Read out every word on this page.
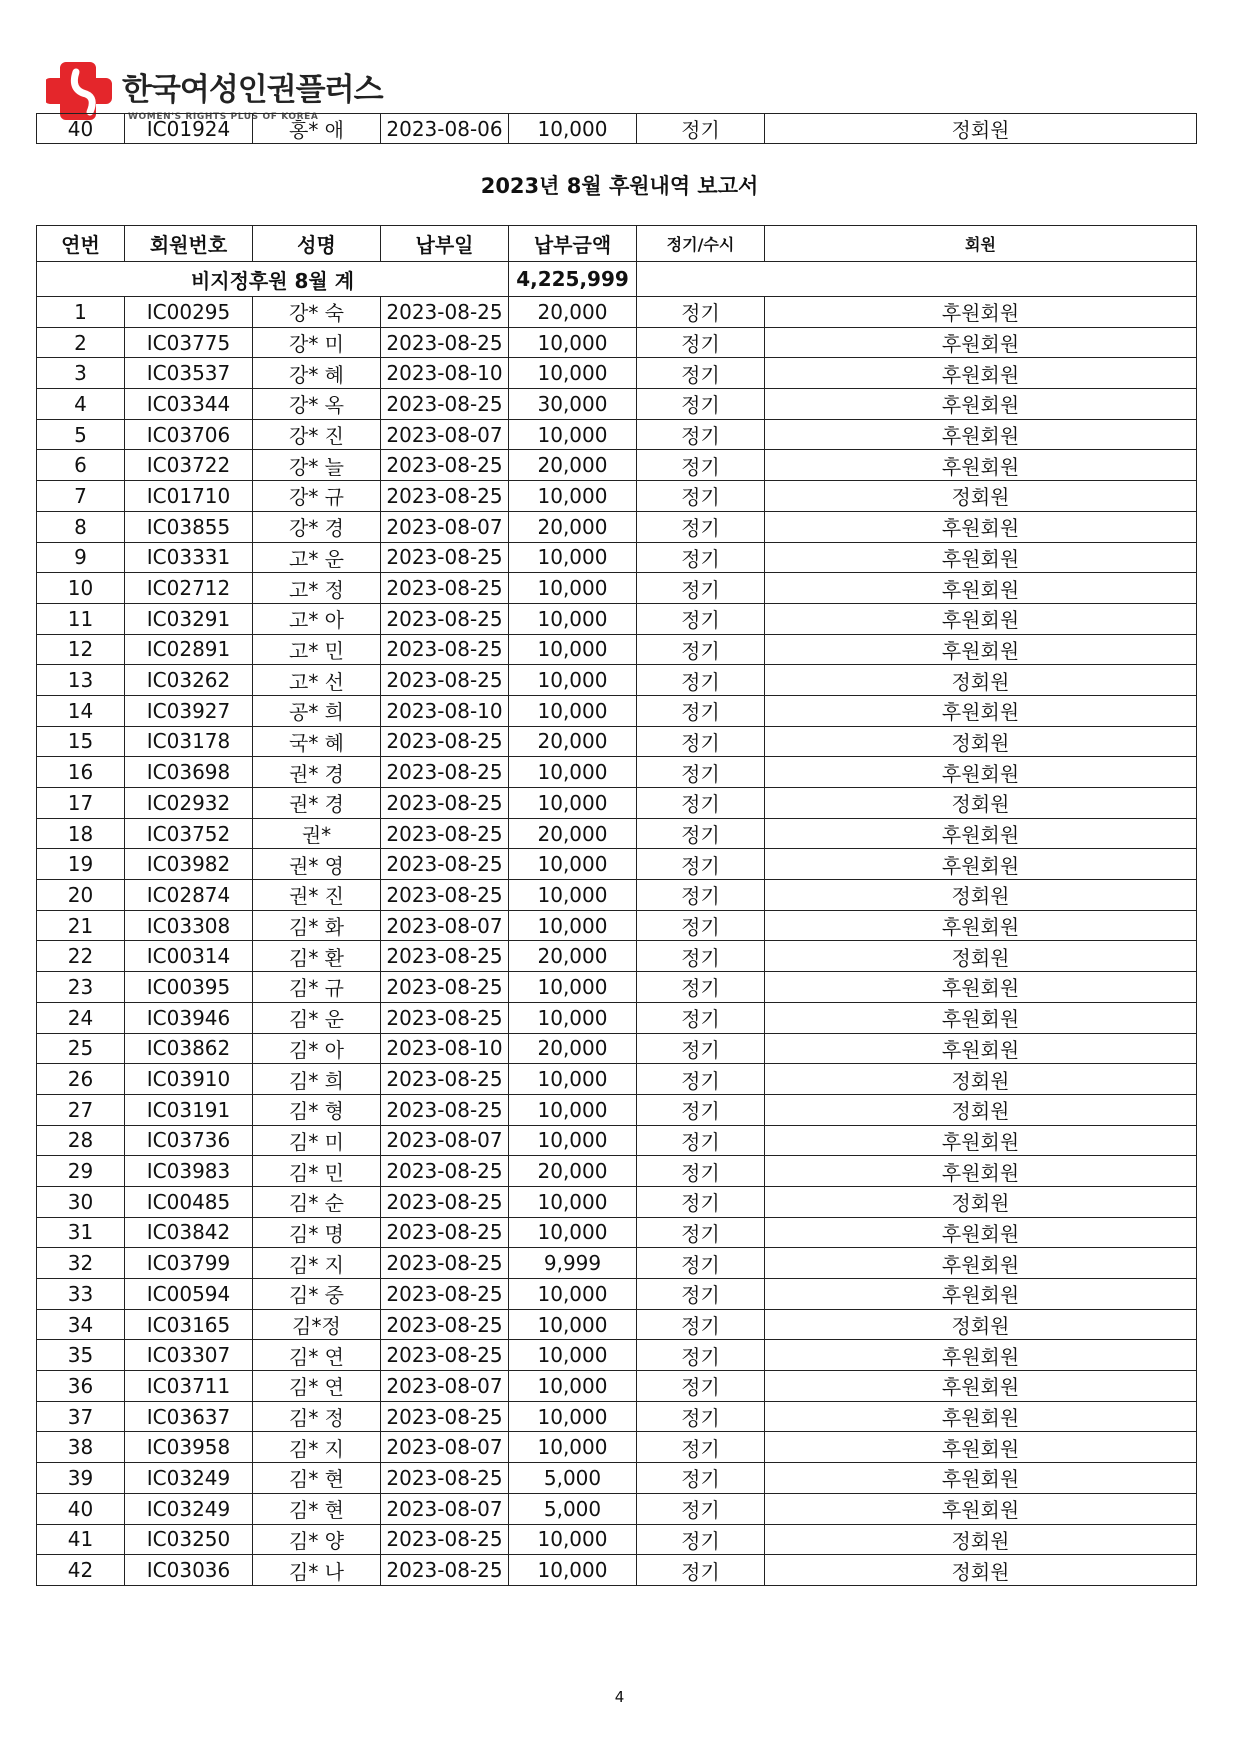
한국여성인권플러스
WOMEN'S RIGHTS PLUS OF KOREA
40	IC01924	홍* 애	2023-08-06	10,000	정기	정회원
2023년 8월 후원내역 보고서
연번	회원번호	성명	납부일	납부금액	정기/수시	회원
비지정후원 8월 계				4,225,999		
1	IC00295	강* 숙	2023-08-25	20,000	정기	후원회원
2	IC03775	강* 미	2023-08-25	10,000	정기	후원회원
3	IC03537	강* 혜	2023-08-10	10,000	정기	후원회원
4	IC03344	강* 옥	2023-08-25	30,000	정기	후원회원
5	IC03706	강* 진	2023-08-07	10,000	정기	후원회원
6	IC03722	강* 늘	2023-08-25	20,000	정기	후원회원
7	IC01710	강* 규	2023-08-25	10,000	정기	정회원
8	IC03855	강* 경	2023-08-07	20,000	정기	후원회원
9	IC03331	고* 운	2023-08-25	10,000	정기	후원회원
10	IC02712	고* 정	2023-08-25	10,000	정기	후원회원
11	IC03291	고* 아	2023-08-25	10,000	정기	후원회원
12	IC02891	고* 민	2023-08-25	10,000	정기	후원회원
13	IC03262	고* 선	2023-08-25	10,000	정기	정회원
14	IC03927	공* 희	2023-08-10	10,000	정기	후원회원
15	IC03178	국* 혜	2023-08-25	20,000	정기	정회원
16	IC03698	권* 경	2023-08-25	10,000	정기	후원회원
17	IC02932	권* 경	2023-08-25	10,000	정기	정회원
18	IC03752	권*	2023-08-25	20,000	정기	후원회원
19	IC03982	권* 영	2023-08-25	10,000	정기	후원회원
20	IC02874	권* 진	2023-08-25	10,000	정기	정회원
21	IC03308	김* 화	2023-08-07	10,000	정기	후원회원
22	IC00314	김* 환	2023-08-25	20,000	정기	정회원
23	IC00395	김* 규	2023-08-25	10,000	정기	후원회원
24	IC03946	김* 운	2023-08-25	10,000	정기	후원회원
25	IC03862	김* 아	2023-08-10	20,000	정기	후원회원
26	IC03910	김* 희	2023-08-25	10,000	정기	정회원
27	IC03191	김* 형	2023-08-25	10,000	정기	정회원
28	IC03736	김* 미	2023-08-07	10,000	정기	후원회원
29	IC03983	김* 민	2023-08-25	20,000	정기	후원회원
30	IC00485	김* 순	2023-08-25	10,000	정기	정회원
31	IC03842	김* 명	2023-08-25	10,000	정기	후원회원
32	IC03799	김* 지	2023-08-25	9,999	정기	후원회원
33	IC00594	김* 중	2023-08-25	10,000	정기	후원회원
34	IC03165	김*정	2023-08-25	10,000	정기	정회원
35	IC03307	김* 연	2023-08-25	10,000	정기	후원회원
36	IC03711	김* 연	2023-08-07	10,000	정기	후원회원
37	IC03637	김* 정	2023-08-25	10,000	정기	후원회원
38	IC03958	김* 지	2023-08-07	10,000	정기	후원회원
39	IC03249	김* 현	2023-08-25	5,000	정기	후원회원
40	IC03249	김* 현	2023-08-07	5,000	정기	후원회원
41	IC03250	김* 양	2023-08-25	10,000	정기	정회원
42	IC03036	김* 나	2023-08-25	10,000	정기	정회원
4
